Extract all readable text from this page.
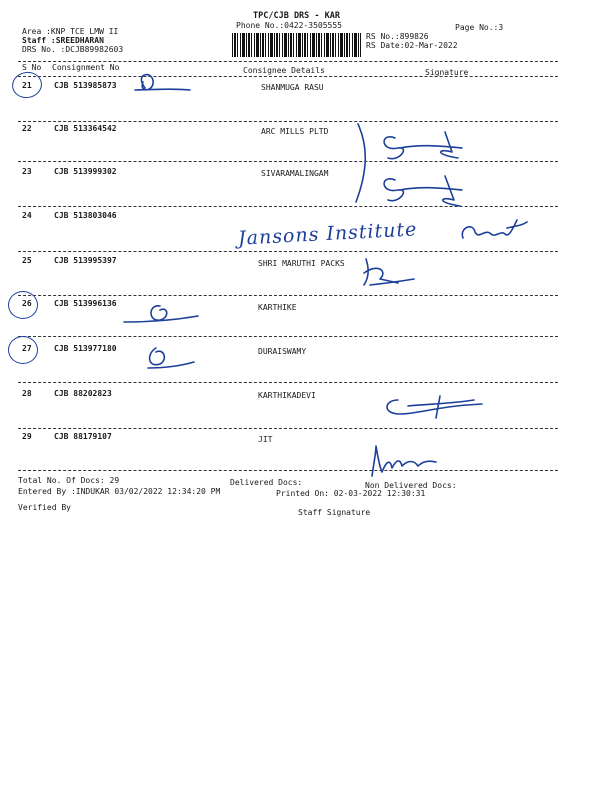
TPC/CJB DRS - KAR
Phone No.:0422-3505555	Page No.:3
Area :KNP TCE LMW II
Staff :SREEDHARAN
DRS No. :DCJB89982603
RS No.:899826
RS Date:02-Mar-2022
S No Consignment No	Consignee Details	Signature
21	CJB 513985873	SHANMUGA RASU
22	CJB 513364542	ARC MILLS PLTD
23	CJB 513999302	SIVARAMALINGAM
24	CJB 513803046
25	CJB 513995397	SHRI MARUTHI PACKS
26	CJB 513996136	KARTHIKE
27	CJB 513977180	DURAISWAMY
28	CJB 88202823	KARTHIKADEVI
29	CJB 88179107	JIT
Total No. Of Docs: 29	Delivered Docs:	Non Delivered Docs:
Entered By :INDUKAR 03/02/2022 12:34:20 PM	Printed On: 02-03-2022 12:30:31
Verified By
Staff Signature
Jansons Institute
